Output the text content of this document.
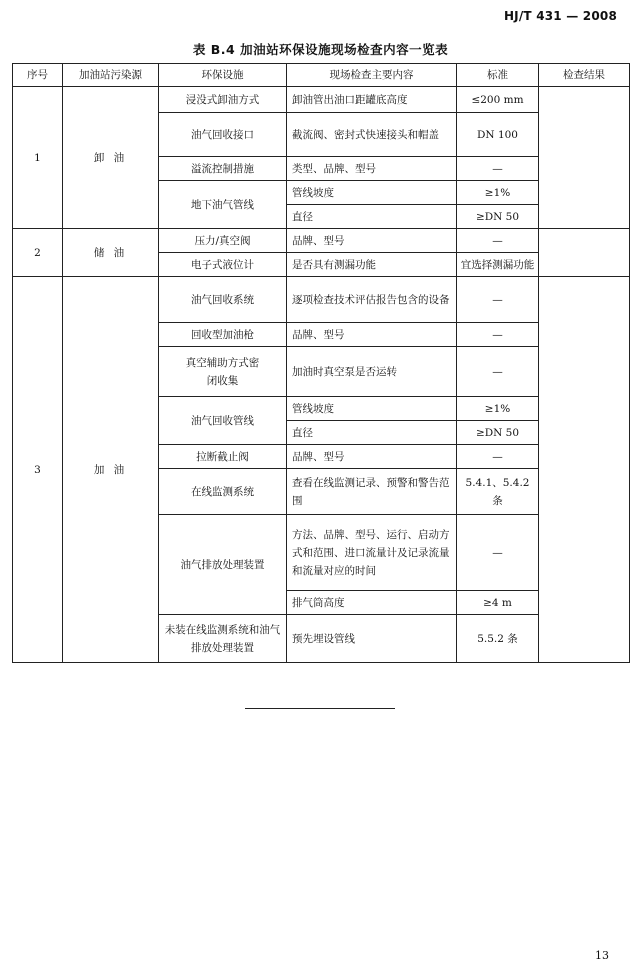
HJ/T 431 — 2008
表 B.4 加油站环保设施现场检查内容一览表
序号	加油站污染源	环保设施	现场检查主要内容	标准	检查结果
1	卸 油	浸没式卸油方式	卸油管出油口距罐底高度	≤200 mm	
		油气回收接口	截流阀、密封式快速接头和帽盖	DN 100	
		溢流控制措施	类型、品牌、型号	—	
		地下油气管线	管线坡度	≥1%	
			直径	≥DN 50	
2	储 油	压力/真空阀	品牌、型号	—	
		电子式液位计	是否具有测漏功能	宜选择测漏功能	
3	加 油	油气回收系统	逐项检查技术评估报告包含的设备	—	
		回收型加油枪	品牌、型号	—	
		真空辅助方式密闭收集	加油时真空泵是否运转	—	
		油气回收管线	管线坡度	≥1%	
			直径	≥DN 50	
		拉断截止阀	品牌、型号	—	
		在线监测系统	查看在线监测记录、预警和警告范围	5.4.1、5.4.2 条	
		油气排放处理装置	方法、品牌、型号、运行、启动方式和范围、进口流量计及记录流量和流量对应的时间	—	
			排气筒高度	≥4 m	
		未装在线监测系统和油气排放处理装置	预先埋设管线	5.5.2 条	
13
